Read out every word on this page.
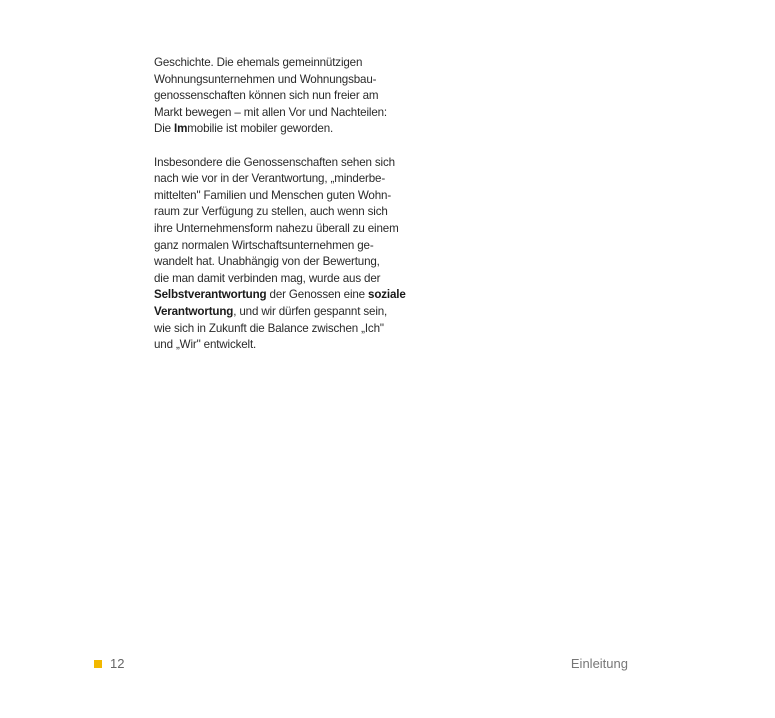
Geschichte. Die ehemals gemeinnützigen
Wohnungsunternehmen und Wohnungsbau-
genossenschaften können sich nun freier am
Markt bewegen – mit allen Vor und Nachteilen:
Die Immobilie ist mobiler geworden.

Insbesondere die Genossenschaften sehen sich
nach wie vor in der Verantwortung, „minderbe-
mittelten" Familien und Menschen guten Wohn-
raum zur Verfügung zu stellen, auch wenn sich
ihre Unternehmensform nahezu überall zu einem
ganz normalen Wirtschaftsunternehmen ge-
wandelt hat. Unabhängig von der Bewertung,
die man damit verbinden mag, wurde aus der
Selbstverantwortung der Genossen eine soziale
Verantwortung, und wir dürfen gespannt sein,
wie sich in Zukunft die Balance zwischen „Ich"
und „Wir" entwickelt.

12	Einleitung
